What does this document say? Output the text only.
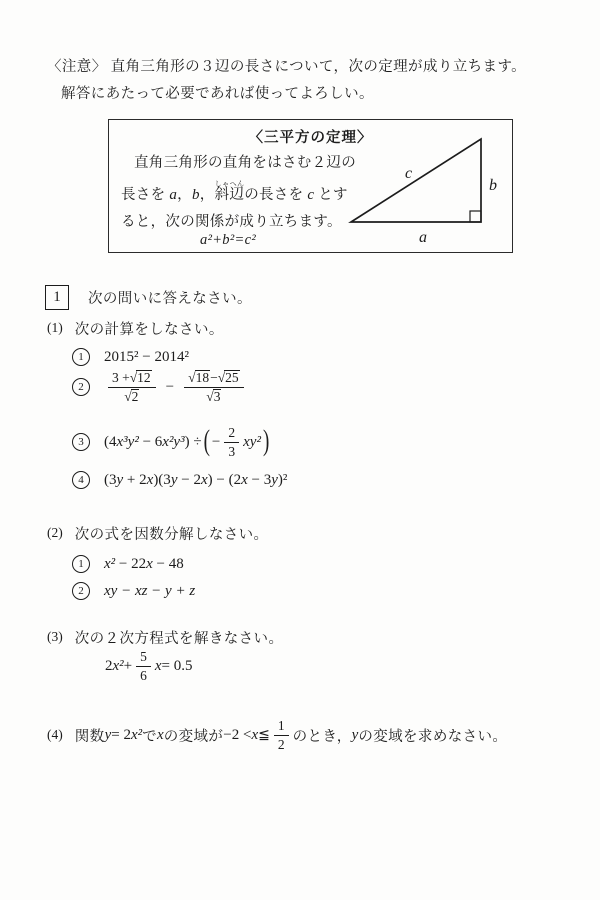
〈注意〉 直角三角形の３辺の長さについて，次の定理が成り立ちます。
解答にあたって必要であれば使ってよろしい。
〈三平方の定理〉
直角三角形の直角をはさむ２辺の
長さを a，b，斜辺しゃへんの長さを c とす
ると，次の関係が成り立ちます。
a²+b²=c²
c
b
a
1 次の問いに答えなさい。
(1) 次の計算をしなさい。
1	2015² − 2014²
2	$\frac{3 +√12}{√2} - \frac{√18-√25}{√3}$
3	(4x³y² − 6x²y³) ÷ ( − $\frac{2}{3} xy^2$ )
4	(3y + 2x)(3y − 2x) − (2x − 3y)²
(2) 次の式を因数分解しなさい。
1	x² − 22x − 48
2	xy − xz − y + z
(3) 次の２次方程式を解きなさい。
2 $x^2 + \frac{5}{6}$ x = 0.5
(4) 関数 y = 2 x² で x の変域が −2 < x ≦ $\frac{1}{2}$ のとき， y の変域を求めなさい。
